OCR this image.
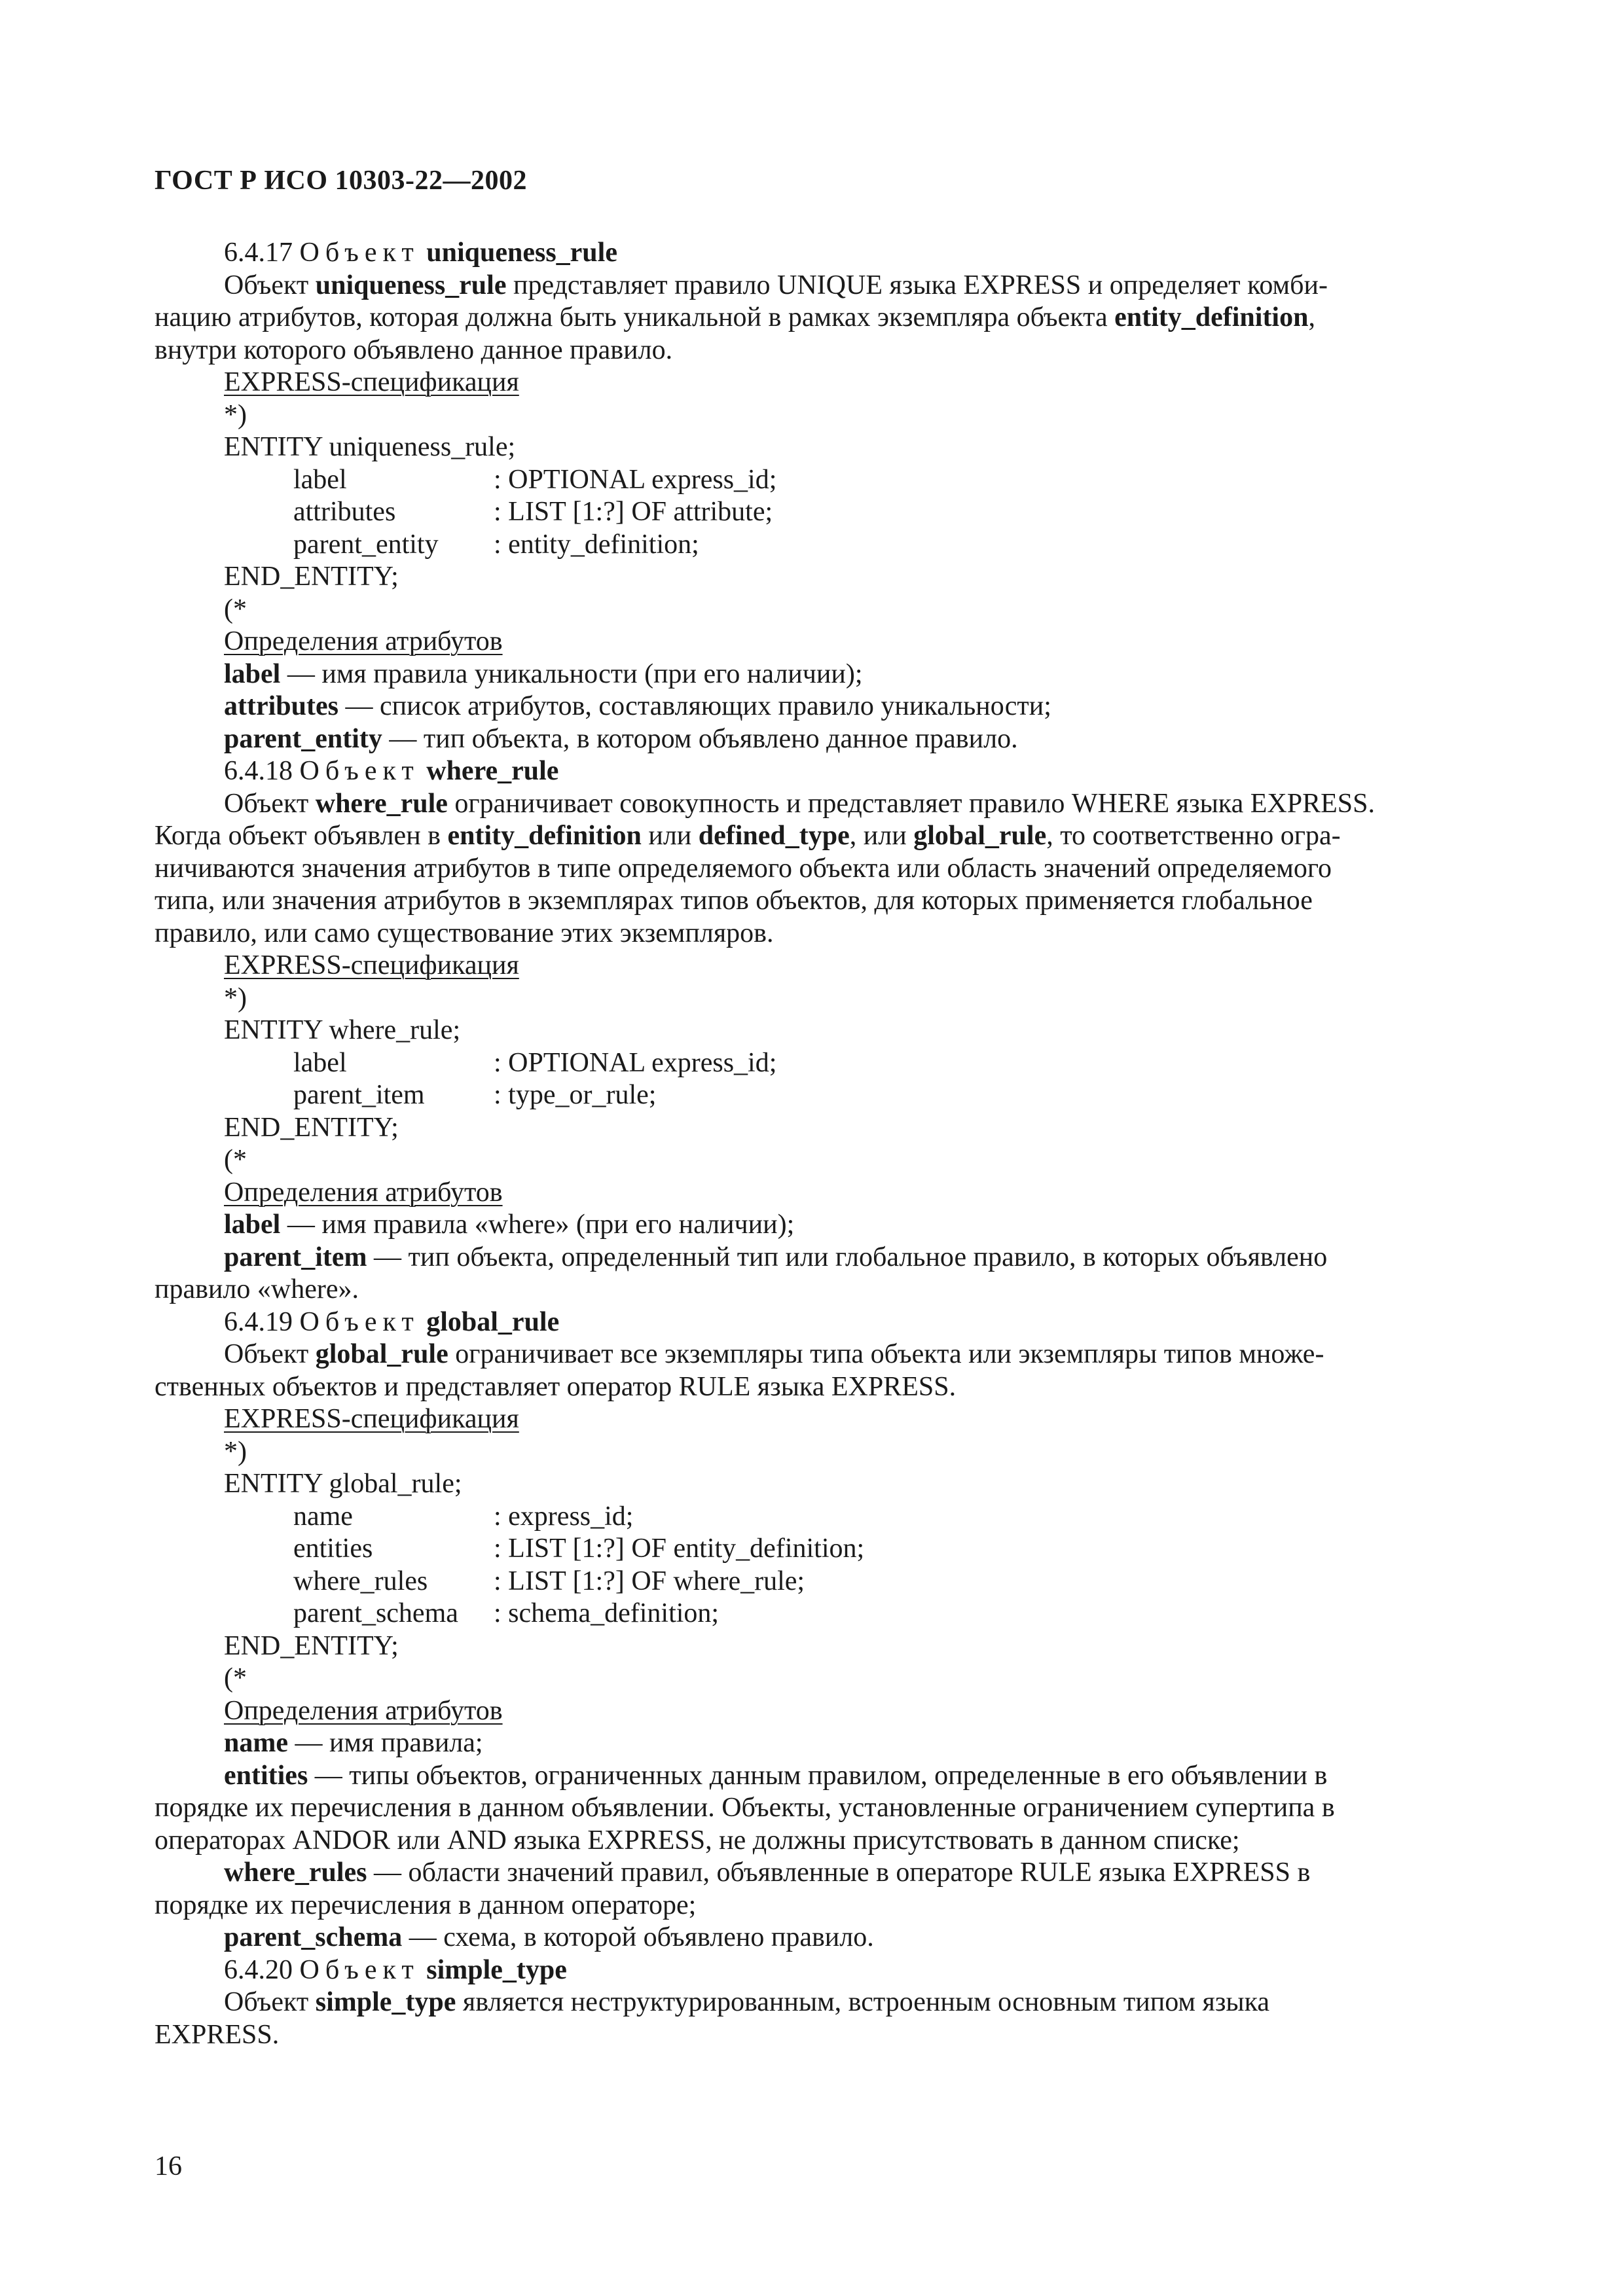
ГОСТ Р ИСО 10303-22—2002

6.4.17 Объект uniqueness_rule

Объект uniqueness_rule представляет правило UNIQUE языка EXPRESS и определяет комби-

нацию атрибутов, которая должна быть уникальной в рамках экземпляра объекта entity_definition,

внутри которого объявлено данное правило.

EXPRESS-спецификация

*)

ENTITY uniqueness_rule;

label	: OPTIONAL express_id;

attributes	: LIST [1:?] OF attribute;

parent_entity	: entity_definition;

END_ENTITY;

(*

Определения атрибутов

label — имя правила уникальности (при его наличии);

attributes — список атрибутов, составляющих правило уникальности;

parent_entity — тип объекта, в котором объявлено данное правило.

6.4.18 Объект where_rule

Объект where_rule ограничивает совокупность и представляет правило WHERE языка EXPRESS.

Когда объект объявлен в entity_definition или defined_type, или global_rule, то соответственно огра-

ничиваются значения атрибутов в типе определяемого объекта или область значений определяемого

типа, или значения атрибутов в экземплярах типов объектов, для которых применяется глобальное

правило, или само существование этих экземпляров.

EXPRESS-спецификация

*)

ENTITY where_rule;

label	: OPTIONAL express_id;

parent_item	: type_or_rule;

END_ENTITY;

(*

Определения атрибутов

label — имя правила «where» (при его наличии);

parent_item — тип объекта, определенный тип или глобальное правило, в которых объявлено

правило «where».

6.4.19 Объект global_rule

Объект global_rule ограничивает все экземпляры типа объекта или экземпляры типов множе-

ственных объектов и представляет оператор RULE языка EXPRESS.

EXPRESS-спецификация

*)

ENTITY global_rule;

name	: express_id;

entities	: LIST [1:?] OF entity_definition;

where_rules	: LIST [1:?] OF where_rule;

parent_schema	: schema_definition;

END_ENTITY;

(*

Определения атрибутов

name — имя правила;

entities — типы объектов, ограниченных данным правилом, определенные в его объявлении в

порядке их перечисления в данном объявлении. Объекты, установленные ограничением супертипа в

операторах ANDOR или AND языка EXPRESS, не должны присутствовать в данном списке;

where_rules — области значений правил, объявленные в операторе RULE языка EXPRESS в

порядке их перечисления в данном операторе;

parent_schema — схема, в которой объявлено правило.

6.4.20 Объект simple_type

Объект simple_type является неструктурированным, встроенным основным типом языка

EXPRESS.

16
